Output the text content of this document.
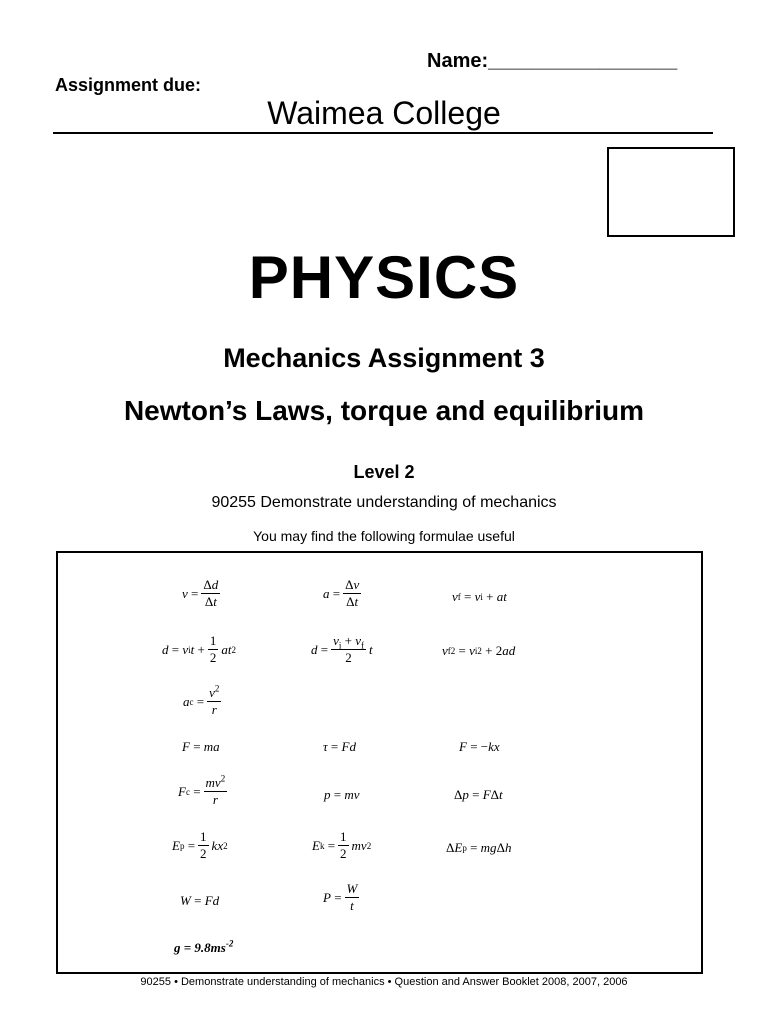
Name:_________________
Assignment due:
Waimea College
PHYSICS
Mechanics Assignment 3
Newton’s Laws, torque and equilibrium
Level 2
90255 Demonstrate understanding of mechanics
You may find the following formulae useful
$v = \frac{\Delta d}{\Delta t}$	$a = \frac{\Delta v}{\Delta t}$	v f = v i + at
d = v i $t + \frac{1}{2}$ at 2	$d = \frac{v_i + v_f}{2}$ t	v f 2 = v i 2 + 2 ad
a $c = \frac{v^2}{r}$
F = ma	τ = Fd	F = − kx
F $c = \frac{mv^2}{r}$	p = mv	Δ p = F Δ t
E $p = \frac{1}{2}$ kx 2	E $k = \frac{1}{2}$ mv 2	Δ E p = mg Δ h
W = Fd	$P = \frac{W}{t}$
$g = 9.8ms^{-2}$
90255 • Demonstrate understanding of mechanics • Question and Answer Booklet 2008, 2007, 2006
